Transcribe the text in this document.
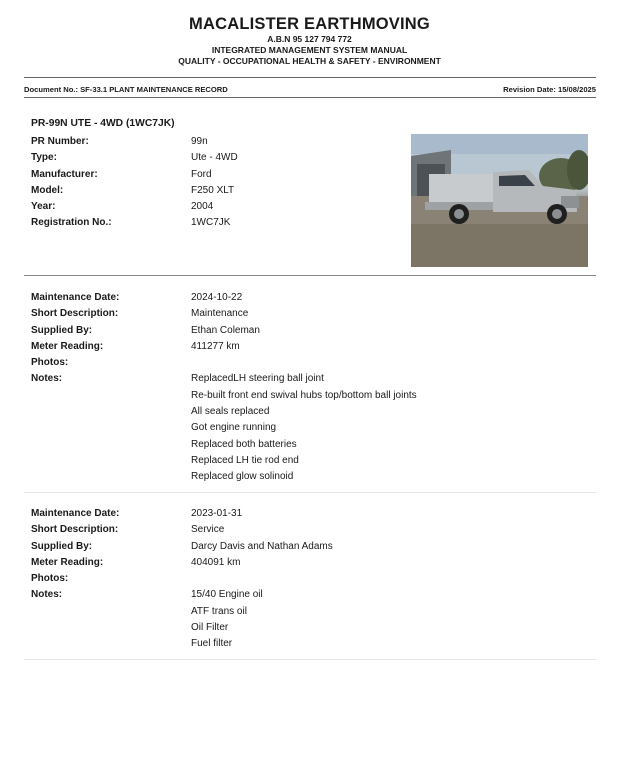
MACALISTER EARTHMOVING
A.B.N 95 127 794 772
INTEGRATED MANAGEMENT SYSTEM MANUAL
QUALITY - OCCUPATIONAL HEALTH & SAFETY - ENVIRONMENT
Document No.: SF-33.1 PLANT MAINTENANCE RECORD	Revision Date: 15/08/2025
PR-99N UTE - 4WD (1WC7JK)
PR Number:	99n
Type:	Ute - 4WD
Manufacturer:	Ford
Model:	F250 XLT
Year:	2004
Registration No.:	1WC7JK
Maintenance Date:	2024-10-22
Short Description:	Maintenance
Supplied By:	Ethan Coleman
Meter Reading:	411277 km
Photos:
Notes:	ReplacedLH steering ball joint
Re-built front end swival hubs top/bottom ball joints
All seals replaced
Got engine running
Replaced both batteries
Replaced LH tie rod end
Replaced glow solinoid
Maintenance Date:	2023-01-31
Short Description:	Service
Supplied By:	Darcy Davis and Nathan Adams
Meter Reading:	404091 km
Photos:
Notes:	15/40 Engine oil
ATF trans oil
Oil Filter
Fuel filter
